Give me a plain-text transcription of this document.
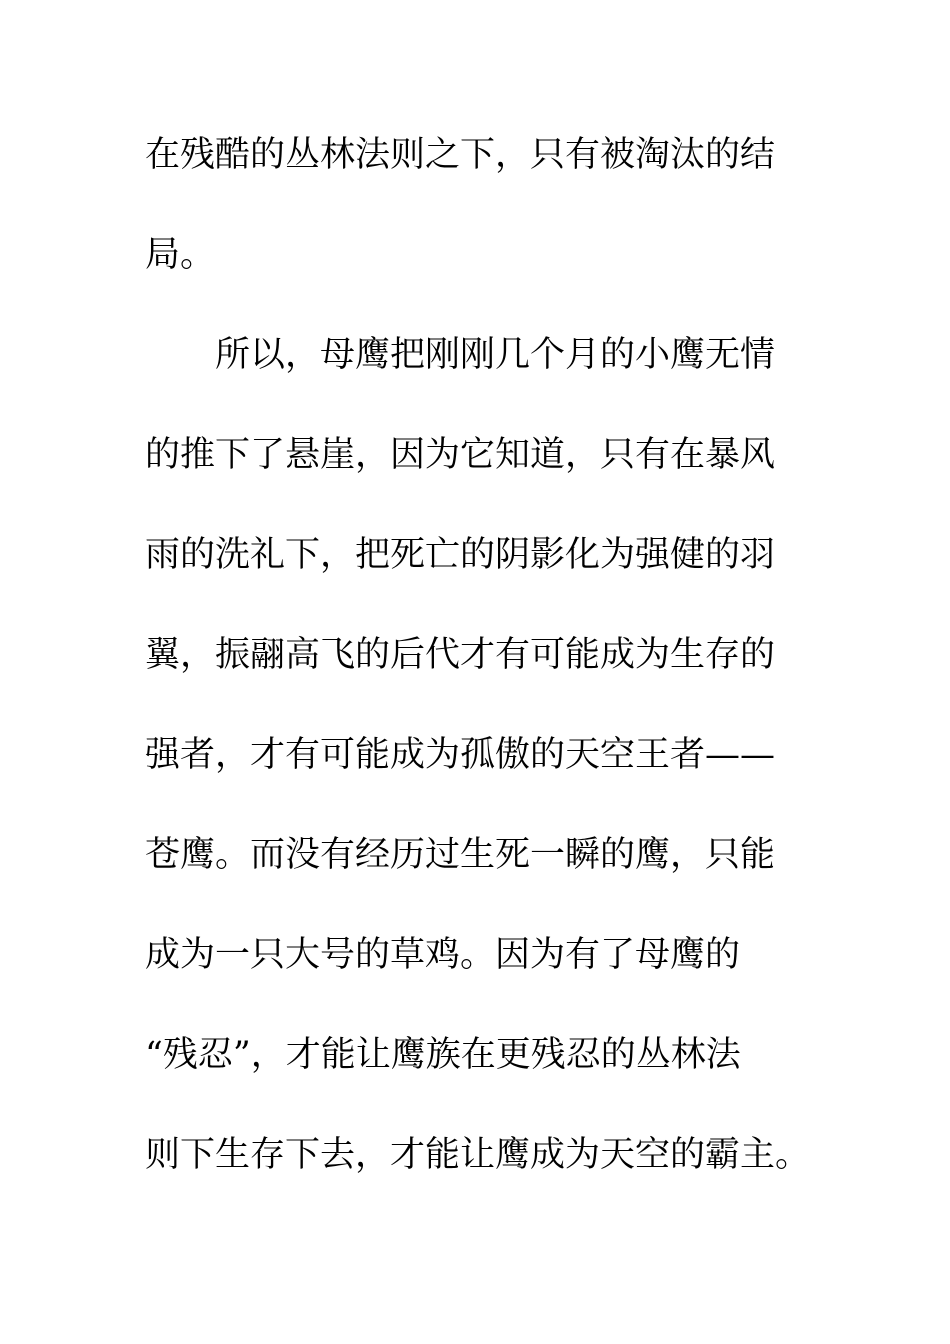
在残酷的丛林法则之下，只有被淘汰的结
局。
所以，母鹰把刚刚几个月的小鹰无情
的推下了悬崖，因为它知道，只有在暴风
雨的洗礼下，把死亡的阴影化为强健的羽
翼，振翮高飞的后代才有可能成为生存的
强者，才有可能成为孤傲的天空王者——
苍鹰。而没有经历过生死一瞬的鹰，只能
成为一只大号的草鸡。因为有了母鹰的
“残忍”，才能让鹰族在更残忍的丛林法
则下生存下去，才能让鹰成为天空的霸主。
